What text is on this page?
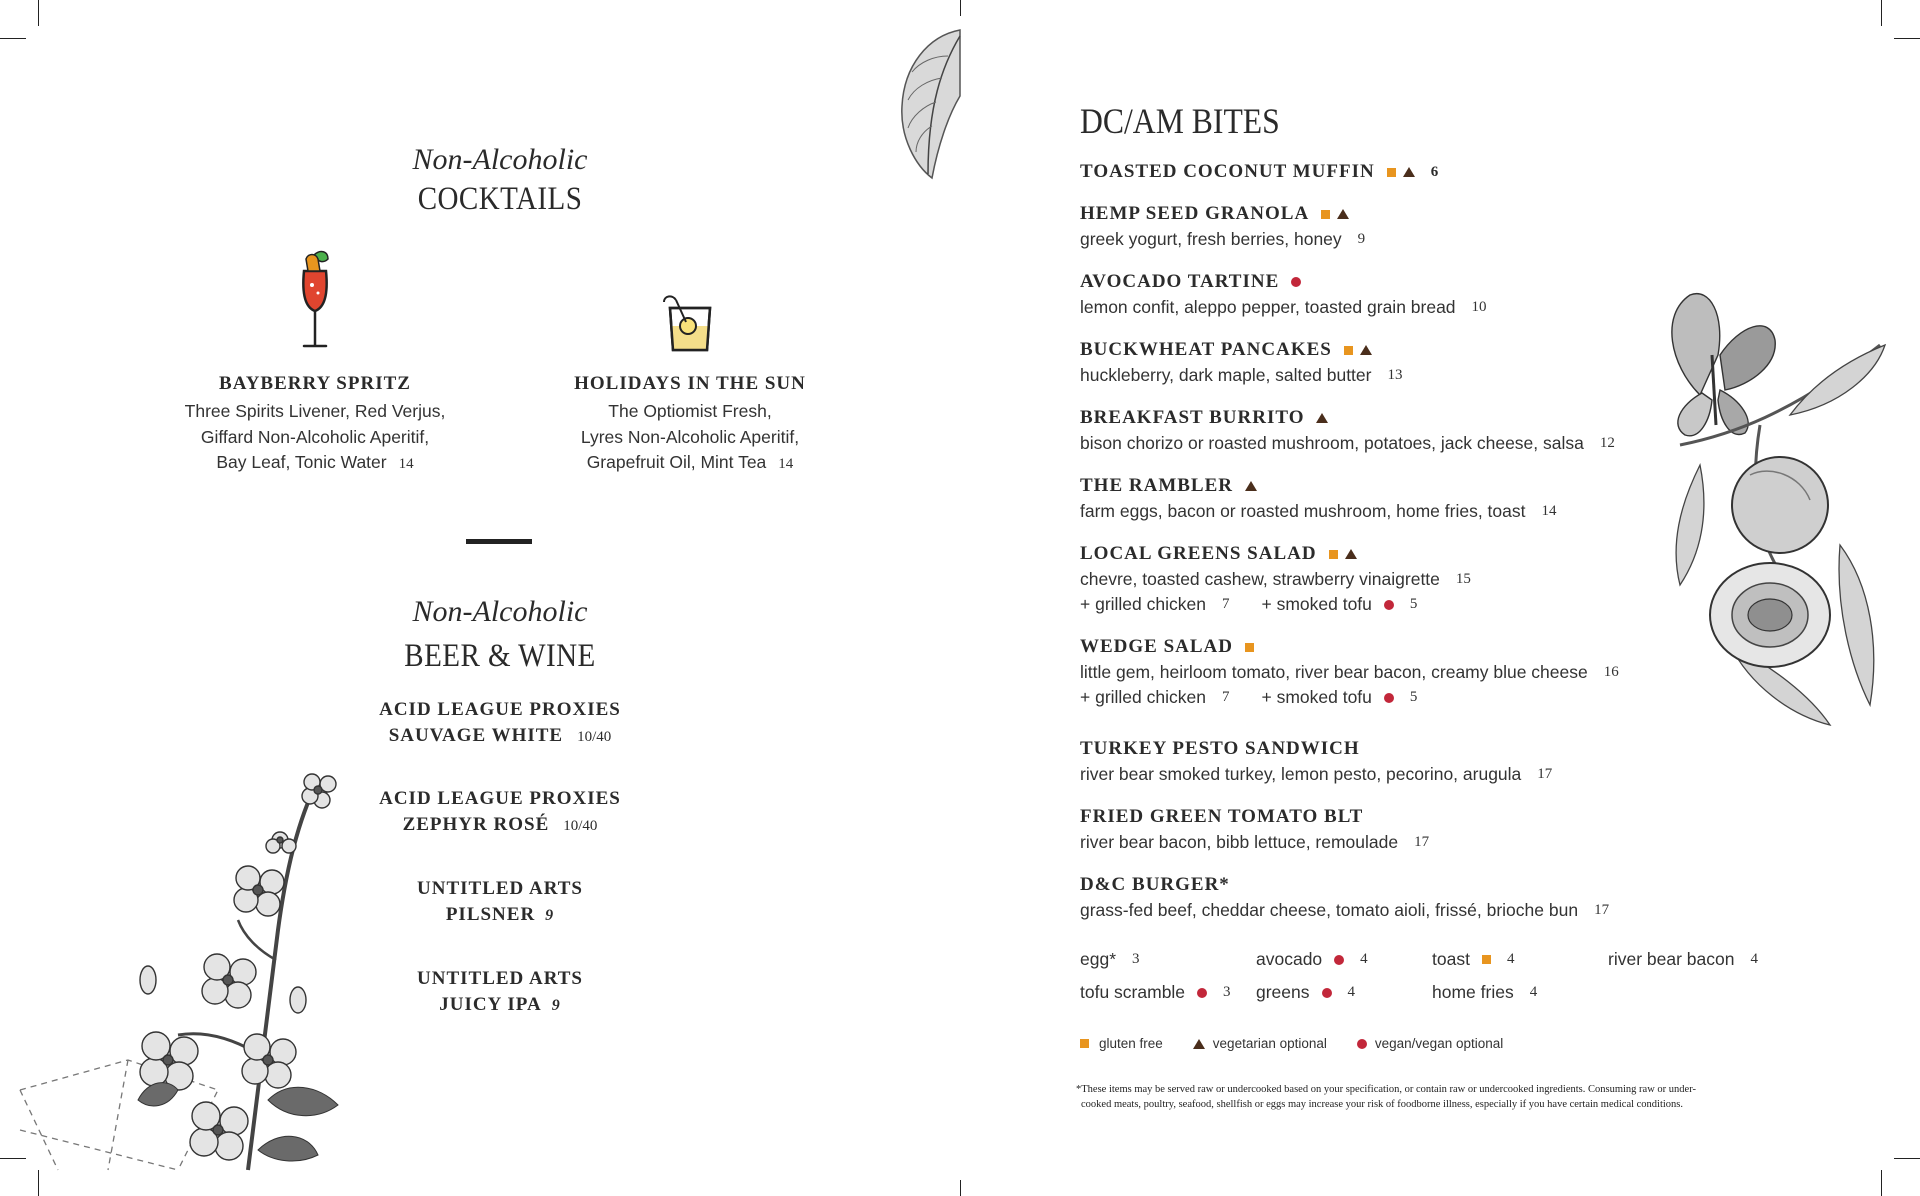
Non-Alcoholic
COCKTAILS
BAYBERRY SPRITZ
Three Spirits Livener, Red Verjus,
Giffard Non-Alcoholic Aperitif,
Bay Leaf, Tonic Water 14
HOLIDAYS IN THE SUN
The Optiomist Fresh,
Lyres Non-Alcoholic Aperitif,
Grapefruit Oil, Mint Tea 14
Non-Alcoholic
BEER & WINE
ACID LEAGUE PROXIES
SAUVAGE WHITE 10/40
ACID LEAGUE PROXIES
ZEPHYR ROSÉ 10/40
UNTITLED ARTS
PILSNER 9
UNTITLED ARTS
JUICY IPA 9
DC/AM BITES
TOASTED COCONUT MUFFIN	6
HEMP SEED GRANOLA
greek yogurt, fresh berries, honey 9
AVOCADO TARTINE
lemon confit, aleppo pepper, toasted grain bread 10
BUCKWHEAT PANCAKES
huckleberry, dark maple, salted butter 13
BREAKFAST BURRITO
bison chorizo or roasted mushroom, potatoes, jack cheese, salsa 12
THE RAMBLER
farm eggs, bacon or roasted mushroom, home fries, toast 14
LOCAL GREENS SALAD
chevre, toasted cashew, strawberry vinaigrette 15
+ grilled chicken 7 + smoked tofu	5
WEDGE SALAD
little gem, heirloom tomato, river bear bacon, creamy blue cheese 16
+ grilled chicken 7 + smoked tofu	5
TURKEY PESTO SANDWICH
river bear smoked turkey, lemon pesto, pecorino, arugula 17
FRIED GREEN TOMATO BLT
river bear bacon, bibb lettuce, remoulade 17
D&C BURGER*
grass-fed beef, cheddar cheese, tomato aioli, frissé, brioche bun 17
egg* 3	avocado	4	toast 4	river bear bacon 4
tofu scramble	3 greens	4	home fries 4
gluten free	vegetarian optional	vegan/vegan optional
*These items may be served raw or undercooked based on your specification, or contain raw or undercooked ingredients. Consuming raw or under-
cooked meats, poultry, seafood, shellfish or eggs may increase your risk of foodborne illness, especially if you have certain medical conditions.
